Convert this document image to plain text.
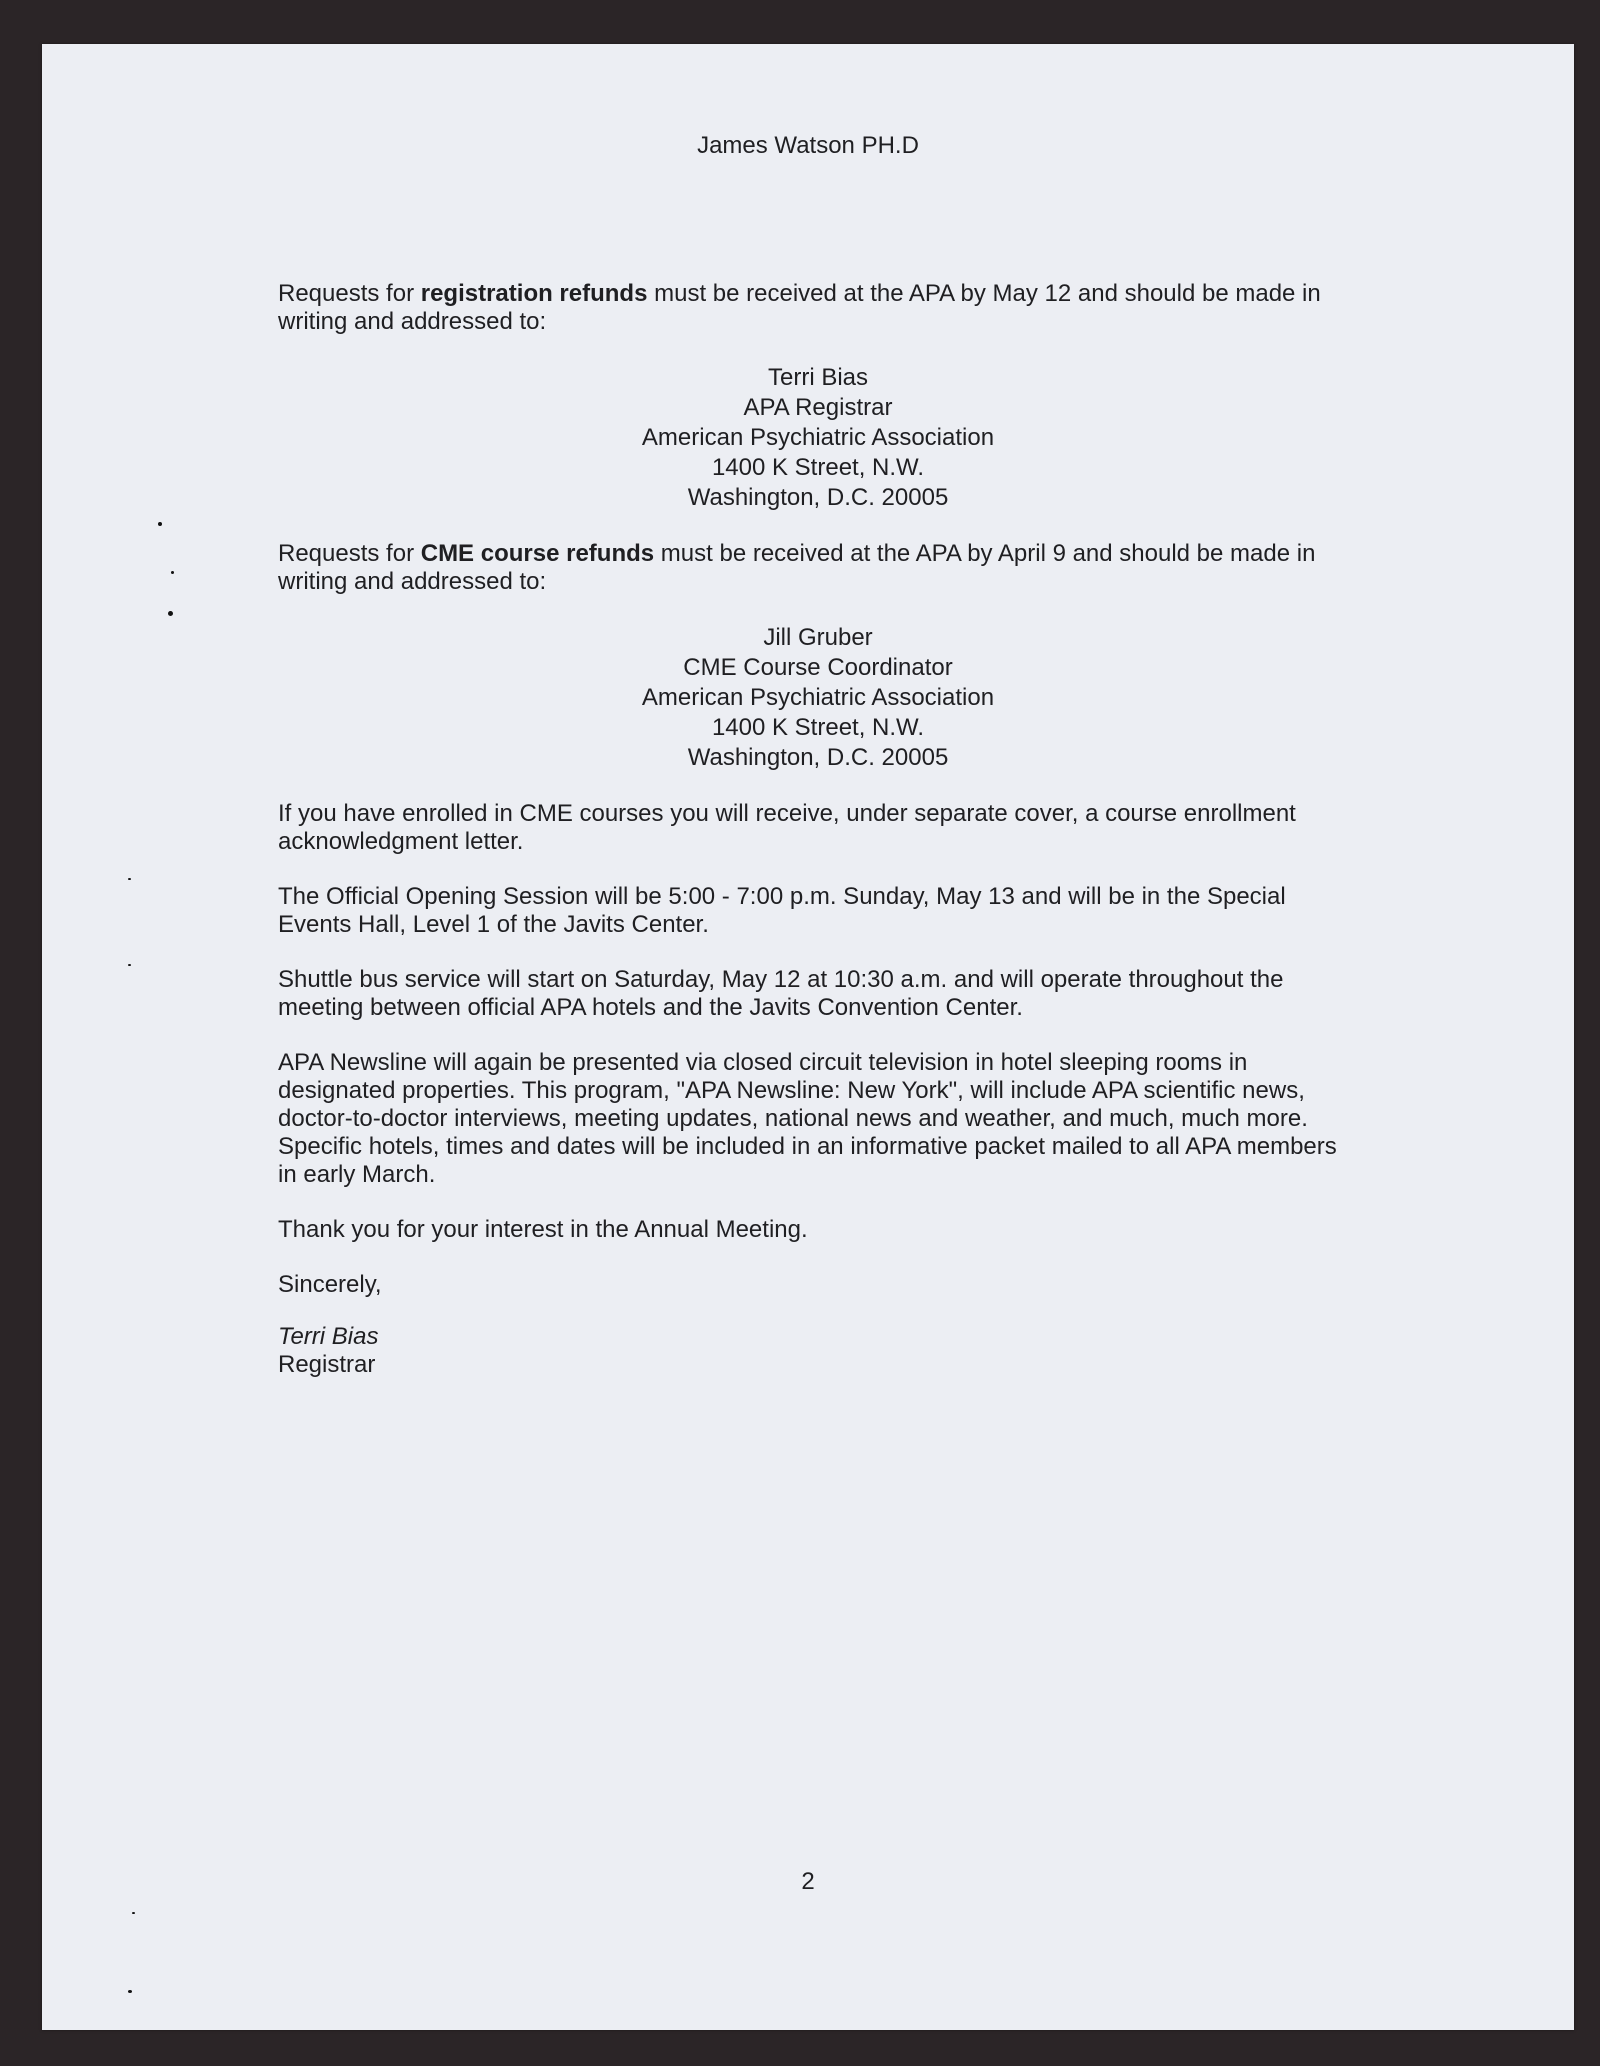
James Watson PH.D

Requests for registration refunds must be received at the APA by May 12 and should be made in writing and addressed to:

Terri Bias
APA Registrar
American Psychiatric Association
1400 K Street, N.W.
Washington, D.C. 20005

Requests for CME course refunds must be received at the APA by April 9 and should be made in writing and addressed to:

Jill Gruber
CME Course Coordinator
American Psychiatric Association
1400 K Street, N.W.
Washington, D.C. 20005

If you have enrolled in CME courses you will receive, under separate cover, a course enrollment acknowledgment letter.

The Official Opening Session will be 5:00 - 7:00 p.m. Sunday, May 13 and will be in the Special Events Hall, Level 1 of the Javits Center.

Shuttle bus service will start on Saturday, May 12 at 10:30 a.m. and will operate throughout the meeting between official APA hotels and the Javits Convention Center.

APA Newsline will again be presented via closed circuit television in hotel sleeping rooms in designated properties. This program, "APA Newsline: New York", will include APA scientific news, doctor-to-doctor interviews, meeting updates, national news and weather, and much, much more. Specific hotels, times and dates will be included in an informative packet mailed to all APA members in early March.

Thank you for your interest in the Annual Meeting.

Sincerely,

Terri Bias
Registrar
2
